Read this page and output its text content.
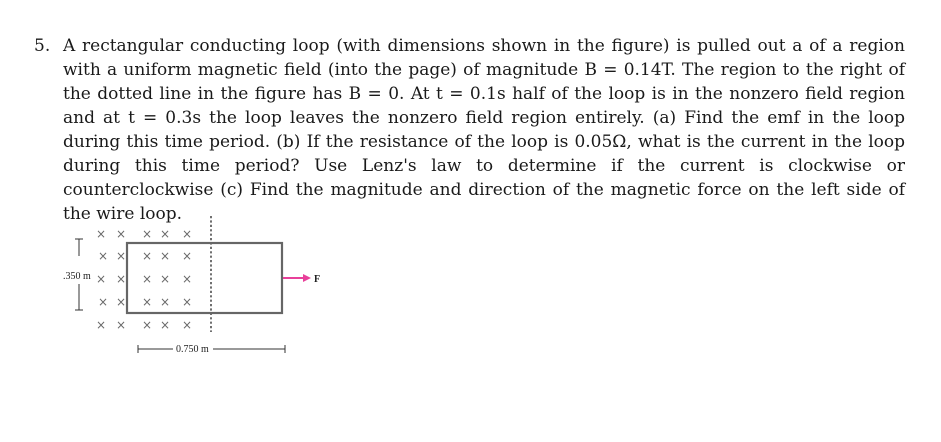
5. A rectangular conducting loop (with dimensions shown in the figure) is pulled out a of a region with a uniform magnetic field (into the page) of magnitude B = 0.14T. The region to the right of the dotted line in the figure has B = 0. At t = 0.1s half of the loop is in the nonzero field region and at t = 0.3s the loop leaves the nonzero field region entirely. (a) Find the emf in the loop during this time period. (b) If the resistance of the loop is 0.05Ω, what is the current in the loop during this time period? Use Lenz's law to determine if the current is clockwise or counterclockwise (c) Find the magnitude and direction of the magnetic force on the left side of the wire loop.
× × × × ×
× × × × ×
× × × × ×
× × × × ×
× × × × ×
.350 m
0.750 m
F
